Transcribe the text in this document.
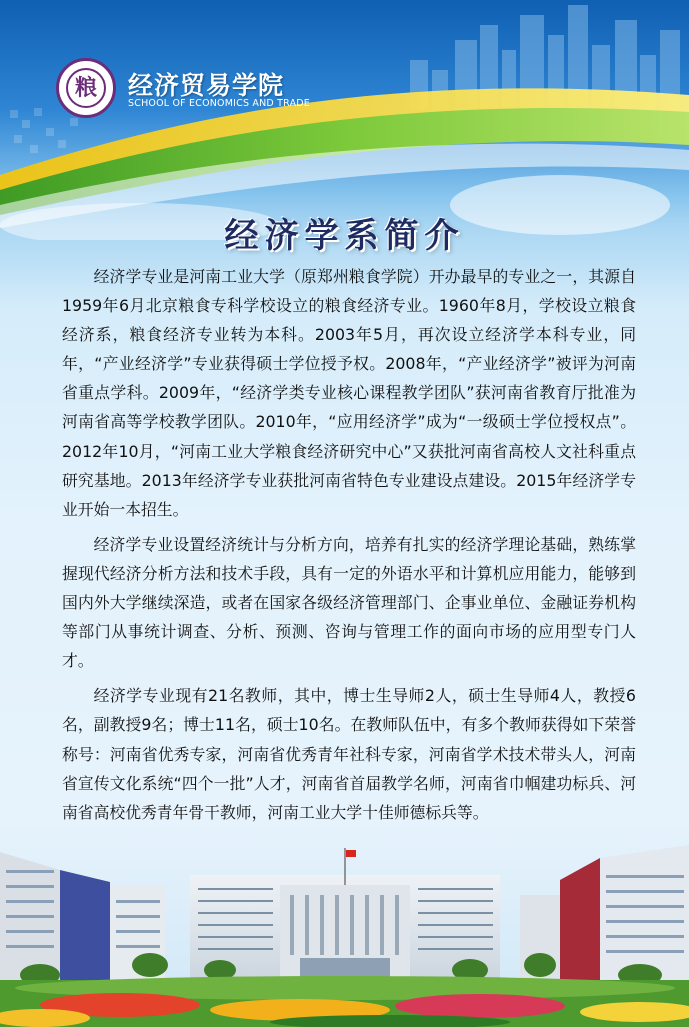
粮 经济贸易学院
SCHOOL OF ECONOMICS AND TRADE
经济学系简介

经济学专业是河南工业大学（原郑州粮食学院）开办最早的专业之一，其源自1959年6月北京粮食专科学校设立的粮食经济专业。1960年8月，学校设立粮食经济系，粮食经济专业转为本科。2003年5月，再次设立经济学本科专业，同年，“产业经济学”专业获得硕士学位授予权。2008年，“产业经济学”被评为河南省重点学科。2009年，“经济学类专业核心课程教学团队”获河南省教育厅批准为河南省高等学校教学团队。2010年，“应用经济学”成为“一级硕士学位授权点”。2012年10月，“河南工业大学粮食经济研究中心”又获批河南省高校人文社科重点研究基地。2013年经济学专业获批河南省特色专业建设点建设。2015年经济学专业开始一本招生。

经济学专业设置经济统计与分析方向，培养有扎实的经济学理论基础，熟练掌握现代经济分析方法和技术手段，具有一定的外语水平和计算机应用能力，能够到国内外大学继续深造，或者在国家各级经济管理部门、企事业单位、金融证券机构等部门从事统计调查、分析、预测、咨询与管理工作的面向市场的应用型专门人才。

经济学专业现有21名教师，其中，博士生导师2人，硕士生导师4人，教授6名，副教授9名；博士11名，硕士10名。在教师队伍中，有多个教师获得如下荣誉称号：河南省优秀专家，河南省优秀青年社科专家，河南省学术技术带头人，河南省宣传文化系统“四个一批”人才，河南省首届教学名师，河南省巾帼建功标兵、河南省高校优秀青年骨干教师，河南工业大学十佳师德标兵等。
